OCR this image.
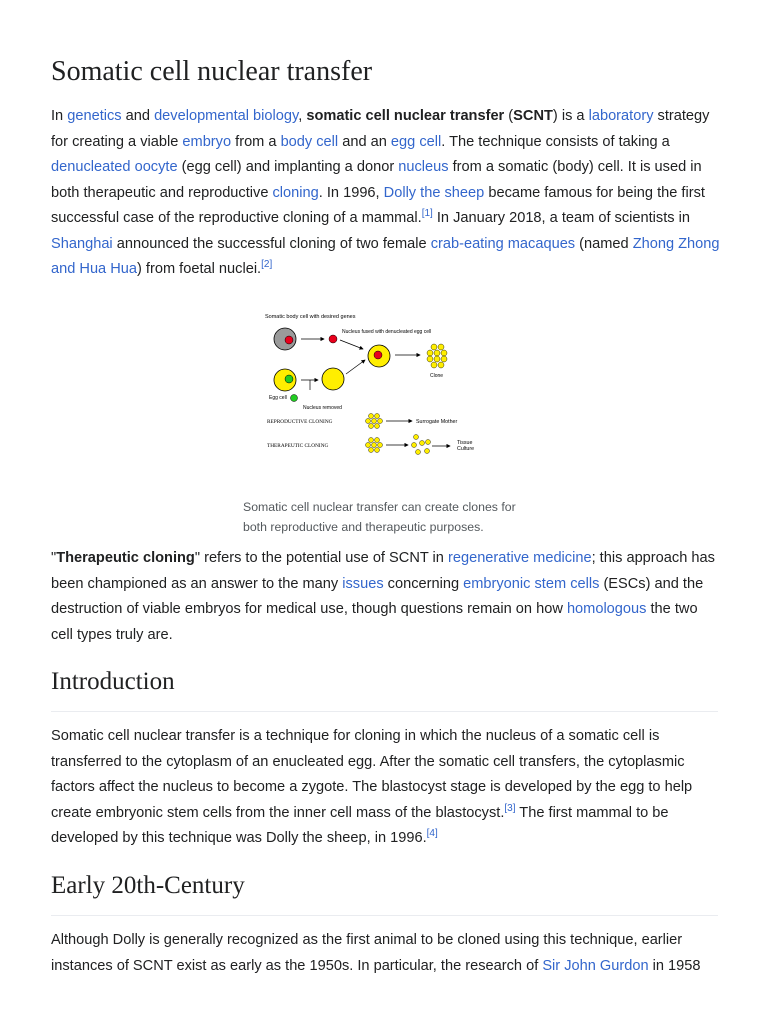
Somatic cell nuclear transfer

In genetics and developmental biology, somatic cell nuclear transfer (SCNT) is a laboratory strategy for creating a viable embryo from a body cell and an egg cell. The technique consists of taking a denucleated oocyte (egg cell) and implanting a donor nucleus from a somatic (body) cell. It is used in both therapeutic and reproductive cloning. In 1996, Dolly the sheep became famous for being the first successful case of the reproductive cloning of a mammal.[1] In January 2018, a team of scientists in Shanghai announced the successful cloning of two female crab-eating macaques (named Zhong Zhong and Hua Hua) from foetal nuclei.[2]

Somatic body cell with desired genes
Nucleus fused with denucleated egg cell
Clone
Egg cell
Nucleus removed
REPRODUCTIVE CLONING	Surrogate Mother
THERAPEUTIC CLONING	Tissue
Culture

Somatic cell nuclear transfer can create clones for both reproductive and therapeutic purposes.

"Therapeutic cloning" refers to the potential use of SCNT in regenerative medicine; this approach has been championed as an answer to the many issues concerning embryonic stem cells (ESCs) and the destruction of viable embryos for medical use, though questions remain on how homologous the two cell types truly are.

Introduction

Somatic cell nuclear transfer is a technique for cloning in which the nucleus of a somatic cell is transferred to the cytoplasm of an enucleated egg. After the somatic cell transfers, the cytoplasmic factors affect the nucleus to become a zygote. The blastocyst stage is developed by the egg to help create embryonic stem cells from the inner cell mass of the blastocyst.[3] The first mammal to be developed by this technique was Dolly the sheep, in 1996.[4]

Early 20th-Century

Although Dolly is generally recognized as the first animal to be cloned using this technique, earlier instances of SCNT exist as early as the 1950s. In particular, the research of Sir John Gurdon in 1958
